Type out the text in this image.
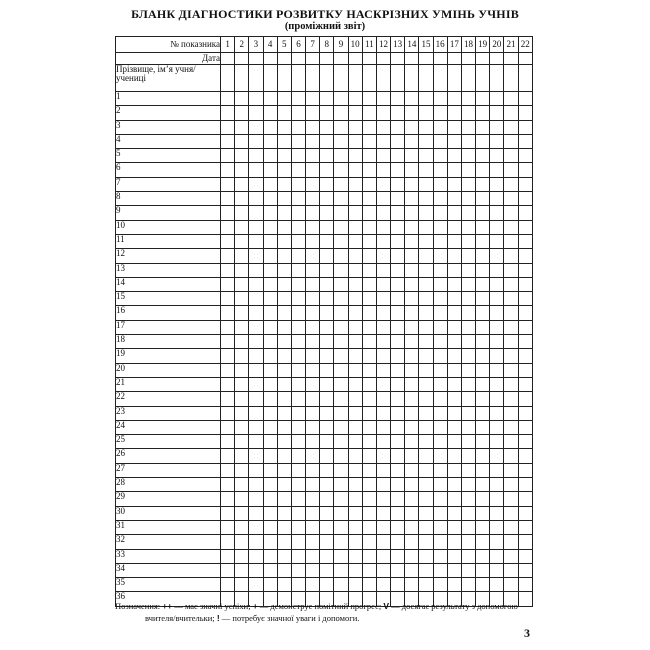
БЛАНК ДІАГНОСТИКИ РОЗВИТКУ НАСКРІЗНИХ УМІНЬ УЧНІВ
(проміжний звіт)
№ показника	1	2	3	4	5	6	7	8	9	10	11	12	13	14	15	16	17	18	19	20	21	22
Дата																						
Прізвище, ім’я учня/ учениці																						
1																						
2																						
3																						
4																						
5																						
6																						
7																						
8																						
9																						
10																						
11																						
12																						
13																						
14																						
15																						
16																						
17																						
18																						
19																						
20																						
21																						
22																						
23																						
24																						
25																						
26																						
27																						
28																						
29																						
30																						
31																						
32																						
33																						
34																						
35																						
36																						
Позначення: ++ — має значні успіхи; + — демонструє помітний прогрес; V — досягає результату з допомогою
вчителя/вчительки; ! — потребує значної уваги і допомоги.
3
